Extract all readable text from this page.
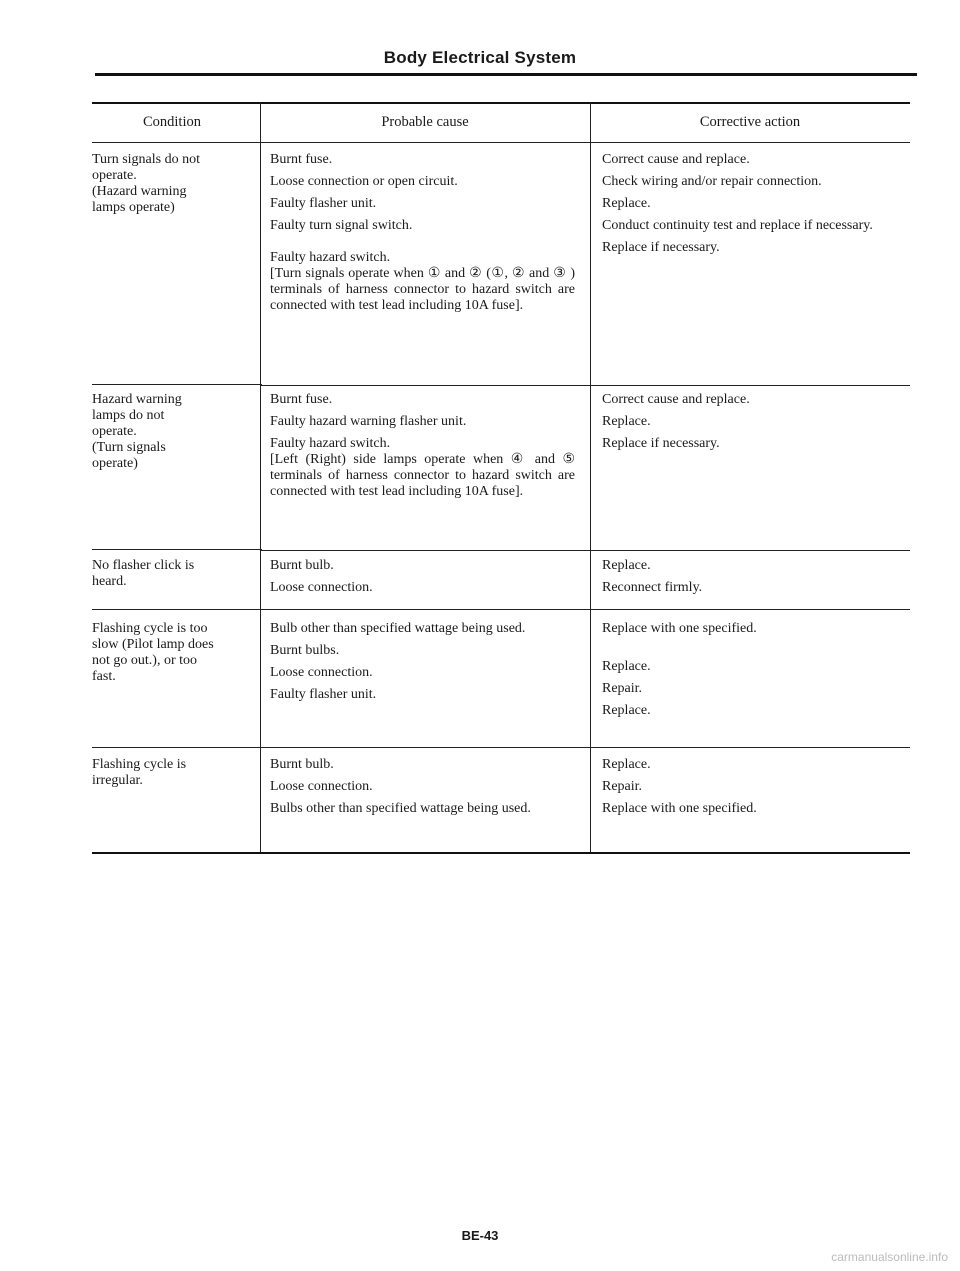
Body Electrical System
Condition	Probable cause	Corrective action
Turn signals do not
operate.
(Hazard warning
lamps operate)
Burnt fuse.
Loose connection or open circuit.
Faulty flasher unit.
Faulty turn signal switch.
Faulty hazard switch.
[Turn signals operate when ① and ② (①, ② and ③ ) terminals of harness connector to hazard switch are connected with test lead including 10A fuse].
Correct cause and replace.
Check wiring and/or repair connection.
Replace.
Conduct continuity test and replace if necessary.
Replace if necessary.
Hazard warning
lamps do not
operate.
(Turn signals
operate)
Burnt fuse.
Faulty hazard warning flasher unit.
Faulty hazard switch.
[Left (Right) side lamps operate when ④ and ⑤ terminals of harness connector to hazard switch are connected with test lead including 10A fuse].
Correct cause and replace.
Replace.
Replace if necessary.
No flasher click is
heard.
Burnt bulb.
Loose connection.
Replace.
Reconnect firmly.
Flashing cycle is too
slow (Pilot lamp does
not go out.), or too
fast.
Bulb other than specified wattage being used.
Burnt bulbs.
Loose connection.
Faulty flasher unit.
Replace with one specified.
Replace.
Repair.
Replace.
Flashing cycle is
irregular.
Burnt bulb.
Loose connection.
Bulbs other than specified wattage being used.
Replace.
Repair.
Replace with one specified.
BE-43
carmanualsonline.info
